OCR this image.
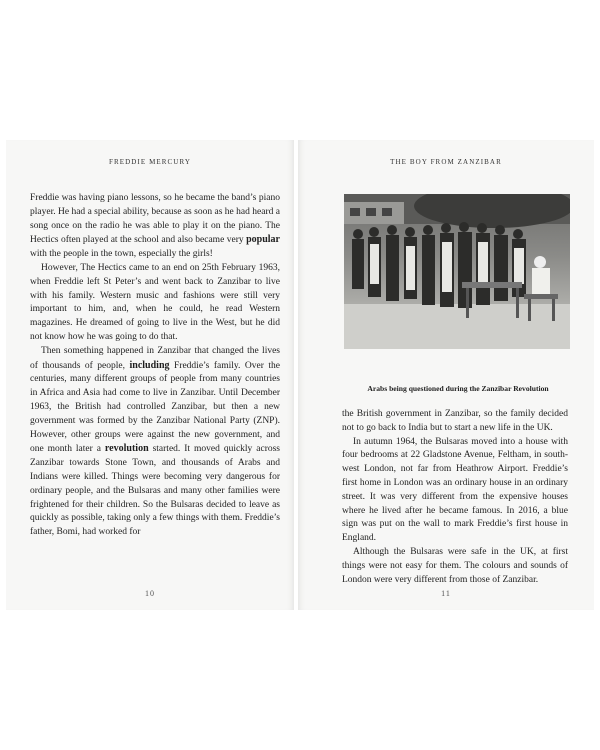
FREDDIE MERCURY

Freddie was having piano lessons, so he became the band’s piano player. He had a special ability, because as soon as he had heard a song once on the radio he was able to play it on the piano. The Hectics often played at the school and also became very popular with the people in the town, especially the girls!

However, The Hectics came to an end on 25th February 1963, when Freddie left St Peter’s and went back to Zanzibar to live with his family. Western music and fashions were still very important to him, and, when he could, he read Western magazines. He dreamed of going to live in the West, but he did not know how he was going to do that.

Then something happened in Zanzibar that changed the lives of thousands of people, including Freddie’s family. Over the centuries, many different groups of people from many countries in Africa and Asia had come to live in Zanzibar. Until December 1963, the British had controlled Zanzibar, but then a new government was formed by the Zanzibar National Party (ZNP). However, other groups were against the new government, and one month later a revolution started. It moved quickly across Zanzibar towards Stone Town, and thousands of Arabs and Indians were killed. Things were becoming very dangerous for ordinary people, and the Bulsaras and many other families were frightened for their children. So the Bulsaras decided to leave as quickly as possible, taking only a few things with them. Freddie’s father, Bomi, had worked for

10
THE BOY FROM ZANZIBAR
Arabs being questioned during the Zanzibar Revolution

the British government in Zanzibar, so the family decided not to go back to India but to start a new life in the UK.

In autumn 1964, the Bulsaras moved into a house with four bedrooms at 22 Gladstone Avenue, Feltham, in south-west London, not far from Heathrow Airport. Freddie’s first home in London was an ordinary house in an ordinary street. It was very different from the expensive houses where he lived after he became famous. In 2016, a blue sign was put on the wall to mark Freddie’s first house in England.

Although the Bulsaras were safe in the UK, at first things were not easy for them. The colours and sounds of London were very different from those of Zanzibar.

11
